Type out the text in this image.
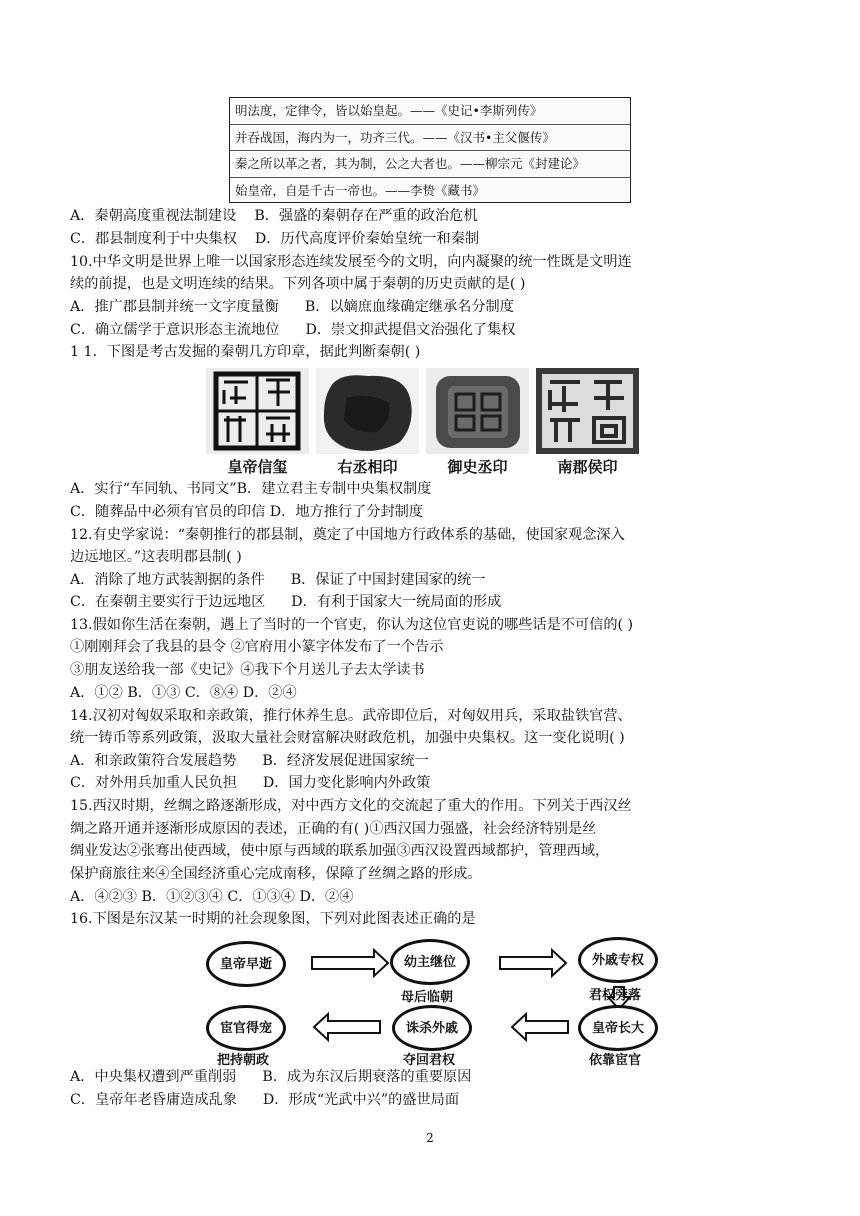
明法度，定律令，皆以始皇起。——《史记•李斯列传》
并吞战国，海内为一，功齐三代。——《汉书•主父偃传》
秦之所以革之者，其为制，公之大者也。——柳宗元《封建论》
始皇帝，自是千古一帝也。——李贽《藏书》
A．秦朝高度重视法制建设 B．强盛的秦朝存在严重的政治危机
C．郡县制度利于中央集权 D．历代高度评价秦始皇统一和秦制
10.中华文明是世界上唯一以国家形态连续发展至今的文明，向内凝聚的统一性既是文明连
续的前提，也是文明连续的结果。下列各项中属于秦朝的历史贡献的是( )
A．推广郡县制并统一文字度量衡 B．以嫡庶血缘确定继承名分制度
C．确立儒学于意识形态主流地位 D．崇文抑武提倡文治强化了集权
1 1．下图是考古发掘的秦朝几方印章，据此判断秦朝( )
皇帝信玺	右丞相印	御史丞印	南郡侯印
A．实行“车同轨、书同文”B．建立君主专制中央集权制度
C．随葬品中必须有官员的印信 D．地方推行了分封制度
12.有史学家说：“秦朝推行的郡县制，奠定了中国地方行政体系的基础，使国家观念深入
边远地区。”这表明郡县制( )
A．消除了地方武装割据的条件 B．保证了中国封建国家的统一
C．在秦朝主要实行于边远地区 D．有利于国家大一统局面的形成
13.假如你生活在秦朝，遇上了当时的一个官吏，你认为这位官吏说的哪些话是不可信的( )
①刚刚拜会了我县的县令 ②官府用小篆字体发布了一个告示
③朋友送给我一部《史记》④我下个月送儿子去太学读书
A．①② B．①③ C．⑧④ D．②④
14.汉初对匈奴采取和亲政策，推行休养生息。武帝即位后，对匈奴用兵，采取盐铁官营、
统一铸币等系列政策，汲取大量社会财富解决财政危机，加强中央集权。这一变化说明( )
A．和亲政策符合发展趋势 B．经济发展促进国家统一
C．对外用兵加重人民负担 D．国力变化影响内外政策
15.西汉时期，丝绸之路逐渐形成，对中西方文化的交流起了重大的作用。下列关于西汉丝
绸之路开通并逐渐形成原因的表述，正确的有( )①西汉国力强盛，社会经济特别是丝
绸业发达②张骞出使西域，使中原与西域的联系加强③西汉设置西域都护，管理西域，
保护商旅往来④全国经济重心完成南移，保障了丝绸之路的形成。
A．④②③ B．①②③④ C．①③④ D．②④
16.下图是东汉某一时期的社会现象图，下列对此图表述正确的是
皇帝早逝	幼主继位
母后临朝
外戚专权
君权旁落
皇帝长大
依靠宦官
诛杀外戚
夺回君权
宦官得宠
把持朝政
A．中央集权遭到严重削弱 B．成为东汉后期衰落的重要原因
C．皇帝年老昏庸造成乱象 D．形成“光武中兴”的盛世局面
2
